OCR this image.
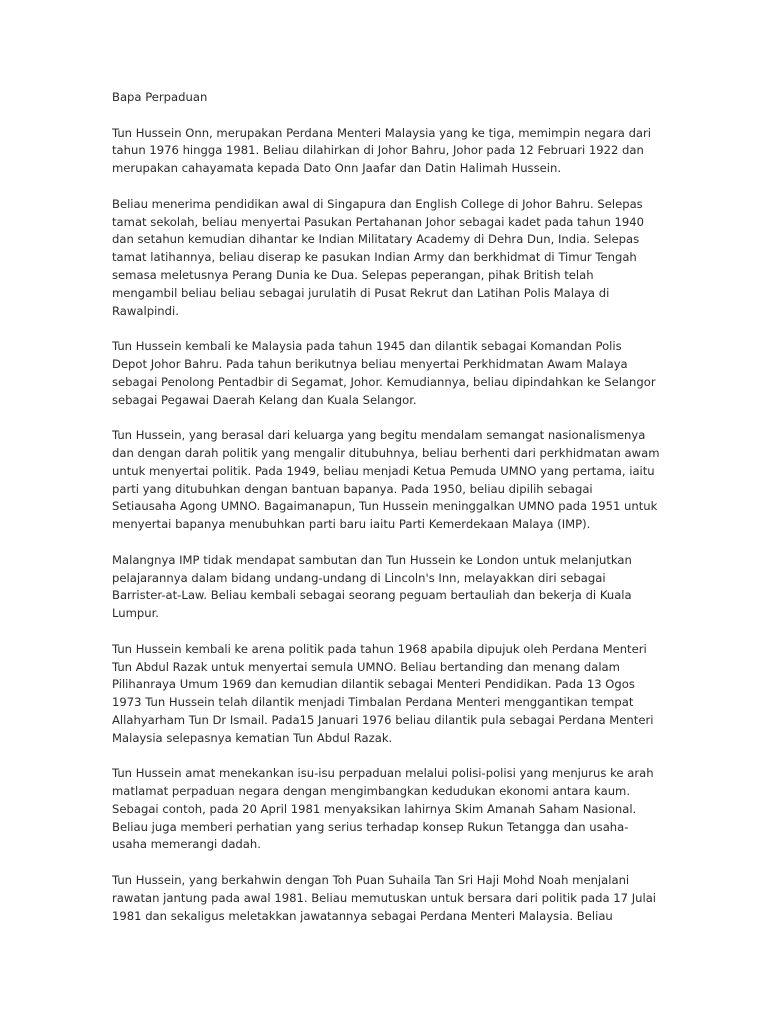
Bapa Perpaduan

Tun Hussein Onn, merupakan Perdana Menteri Malaysia yang ke tiga, memimpin negara dari tahun 1976 hingga 1981. Beliau dilahirkan di Johor Bahru, Johor pada 12 Februari 1922 dan merupakan cahayamata kepada Dato Onn Jaafar dan Datin Halimah Hussein.

Beliau menerima pendidikan awal di Singapura dan English College di Johor Bahru. Selepas tamat sekolah, beliau menyertai Pasukan Pertahanan Johor sebagai kadet pada tahun 1940 dan setahun kemudian dihantar ke Indian Militatary Academy di Dehra Dun, India. Selepas tamat latihannya, beliau diserap ke pasukan Indian Army dan berkhidmat di Timur Tengah semasa meletusnya Perang Dunia ke Dua. Selepas peperangan, pihak British telah mengambil beliau beliau sebagai jurulatih di Pusat Rekrut dan Latihan Polis Malaya di Rawalpindi.

Tun Hussein kembali ke Malaysia pada tahun 1945 dan dilantik sebagai Komandan Polis Depot Johor Bahru. Pada tahun berikutnya beliau menyertai Perkhidmatan Awam Malaya sebagai Penolong Pentadbir di Segamat, Johor. Kemudiannya, beliau dipindahkan ke Selangor sebagai Pegawai Daerah Kelang dan Kuala Selangor.

Tun Hussein, yang berasal dari keluarga yang begitu mendalam semangat nasionalismenya dan dengan darah politik yang mengalir ditubuhnya, beliau berhenti dari perkhidmatan awam untuk menyertai politik. Pada 1949, beliau menjadi Ketua Pemuda UMNO yang pertama, iaitu parti yang ditubuhkan dengan bantuan bapanya. Pada 1950, beliau dipilih sebagai Setiausaha Agong UMNO. Bagaimanapun, Tun Hussein meninggalkan UMNO pada 1951 untuk menyertai bapanya menubuhkan parti baru iaitu Parti Kemerdekaan Malaya (IMP).

Malangnya IMP tidak mendapat sambutan dan Tun Hussein ke London untuk melanjutkan pelajarannya dalam bidang undang-undang di Lincoln's Inn, melayakkan diri sebagai Barrister-at-Law. Beliau kembali sebagai seorang peguam bertauliah dan bekerja di Kuala Lumpur.

Tun Hussein kembali ke arena politik pada tahun 1968 apabila dipujuk oleh Perdana Menteri Tun Abdul Razak untuk menyertai semula UMNO. Beliau bertanding dan menang dalam Pilihanraya Umum 1969 dan kemudian dilantik sebagai Menteri Pendidikan. Pada 13 Ogos 1973 Tun Hussein telah dilantik menjadi Timbalan Perdana Menteri menggantikan tempat Allahyarham Tun Dr Ismail. Pada15 Januari 1976 beliau dilantik pula sebagai Perdana Menteri Malaysia selepasnya kematian Tun Abdul Razak.

Tun Hussein amat menekankan isu-isu perpaduan melalui polisi-polisi yang menjurus ke arah matlamat perpaduan negara dengan mengimbangkan kedudukan ekonomi antara kaum. Sebagai contoh, pada 20 April 1981 menyaksikan lahirnya Skim Amanah Saham Nasional. Beliau juga memberi perhatian yang serius terhadap konsep Rukun Tetangga dan usaha-usaha memerangi dadah.

Tun Hussein, yang berkahwin dengan Toh Puan Suhaila Tan Sri Haji Mohd Noah menjalani rawatan jantung pada awal 1981. Beliau memutuskan untuk bersara dari politik pada 17 Julai 1981 dan sekaligus meletakkan jawatannya sebagai Perdana Menteri Malaysia. Beliau
